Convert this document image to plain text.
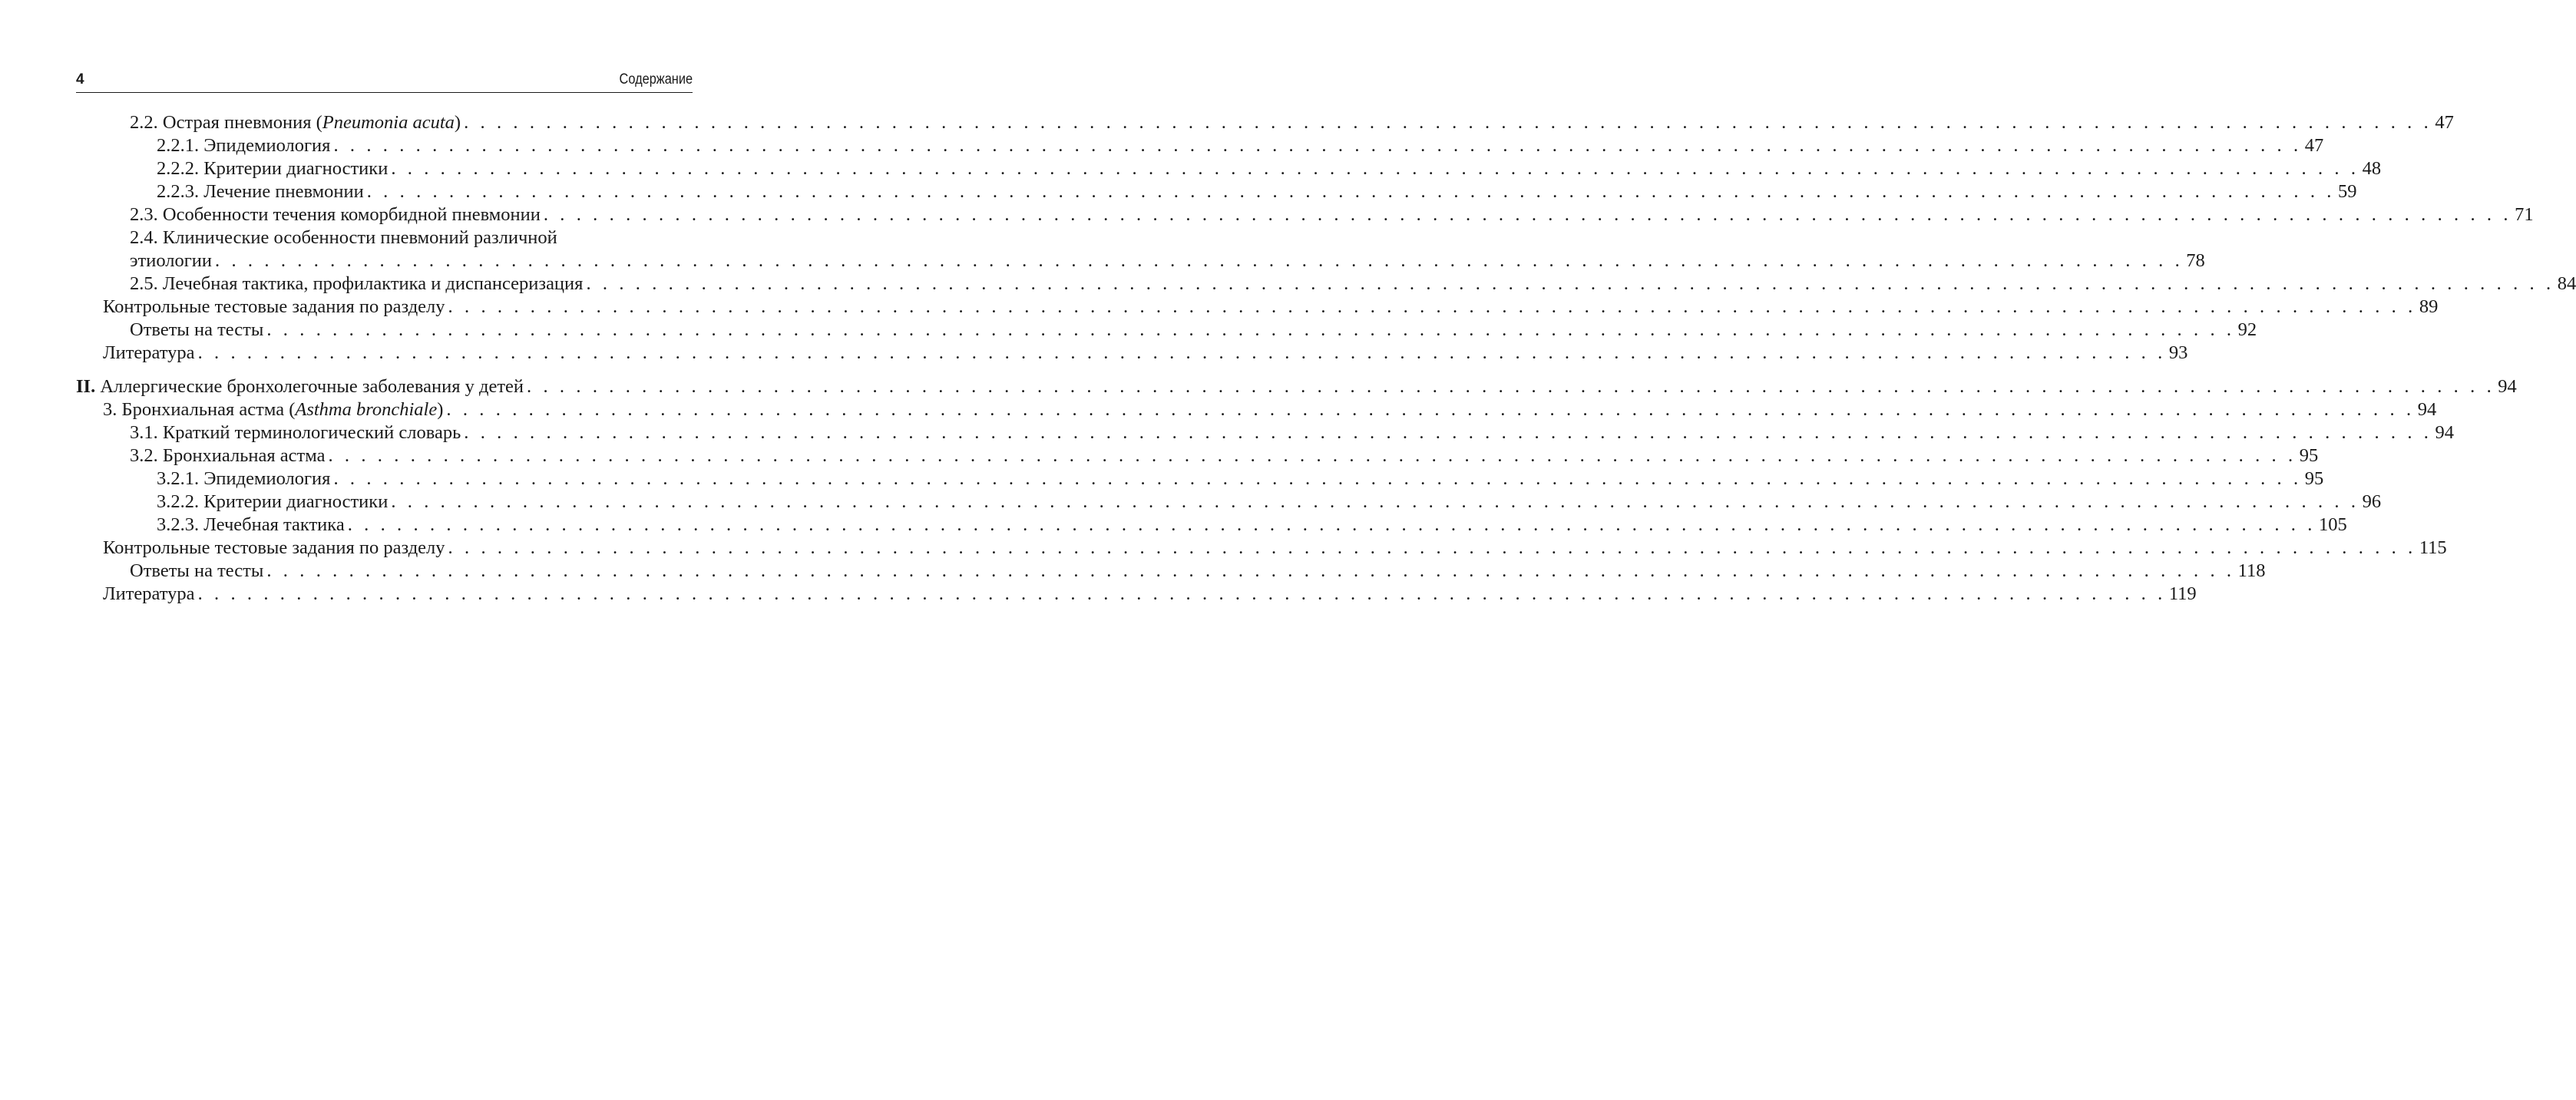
4	Содержание
2.2. Острая пневмония (Pneumonia acuta) . . . . . . . . . . . . . . . . . . . . . . . . . . . . . . . . . . . . . . . . . . . . . . . . . . . . . . . . . . . . . . . . . . . . . . . . . . . . . . . . . . . . . . . . . . . . . . . . . . . . . . . . . . . . . . . . . . . . . . . . 47
2.2.1. Эпидемиология . . . . . . . . . . . . . . . . . . . . . . . . . . . . . . . . . . . . . . . . . . . . . . . . . . . . . . . . . . . . . . . . . . . . . . . . . . . . . . . . . . . . . . . . . . . . . . . . . . . . . . . . . . . . . . . . . . . . . . . . 47
2.2.2. Критерии диагностики . . . . . . . . . . . . . . . . . . . . . . . . . . . . . . . . . . . . . . . . . . . . . . . . . . . . . . . . . . . . . . . . . . . . . . . . . . . . . . . . . . . . . . . . . . . . . . . . . . . . . . . . . . . . . . . . . . . . . . . . 48
2.2.3. Лечение пневмонии . . . . . . . . . . . . . . . . . . . . . . . . . . . . . . . . . . . . . . . . . . . . . . . . . . . . . . . . . . . . . . . . . . . . . . . . . . . . . . . . . . . . . . . . . . . . . . . . . . . . . . . . . . . . . . . . . . . . . . . . 59
2.3. Особенности течения коморбидной пневмонии . . . . . . . . . . . . . . . . . . . . . . . . . . . . . . . . . . . . . . . . . . . . . . . . . . . . . . . . . . . . . . . . . . . . . . . . . . . . . . . . . . . . . . . . . . . . . . . . . . . . . . . . . . . . . . . . . . . . . . . . 71
2.4. Клинические особенности пневмоний различной
этиологии . . . . . . . . . . . . . . . . . . . . . . . . . . . . . . . . . . . . . . . . . . . . . . . . . . . . . . . . . . . . . . . . . . . . . . . . . . . . . . . . . . . . . . . . . . . . . . . . . . . . . . . . . . . . . . . . . . . . . . . . 78
2.5. Лечебная тактика, профилактика и диспансеризация . . . . . . . . . . . . . . . . . . . . . . . . . . . . . . . . . . . . . . . . . . . . . . . . . . . . . . . . . . . . . . . . . . . . . . . . . . . . . . . . . . . . . . . . . . . . . . . . . . . . . . . . . . . . . . . . . . . . . . . . 84
Контрольные тестовые задания по разделу . . . . . . . . . . . . . . . . . . . . . . . . . . . . . . . . . . . . . . . . . . . . . . . . . . . . . . . . . . . . . . . . . . . . . . . . . . . . . . . . . . . . . . . . . . . . . . . . . . . . . . . . . . . . . . . . . . . . . . . . 89
Ответы на тесты . . . . . . . . . . . . . . . . . . . . . . . . . . . . . . . . . . . . . . . . . . . . . . . . . . . . . . . . . . . . . . . . . . . . . . . . . . . . . . . . . . . . . . . . . . . . . . . . . . . . . . . . . . . . . . . . . . . . . . . . 92
Литература . . . . . . . . . . . . . . . . . . . . . . . . . . . . . . . . . . . . . . . . . . . . . . . . . . . . . . . . . . . . . . . . . . . . . . . . . . . . . . . . . . . . . . . . . . . . . . . . . . . . . . . . . . . . . . . . . . . . . . . . 93
II. Аллергические бронхолегочные заболевания у детей . . . . . . . . . . . . . . . . . . . . . . . . . . . . . . . . . . . . . . . . . . . . . . . . . . . . . . . . . . . . . . . . . . . . . . . . . . . . . . . . . . . . . . . . . . . . . . . . . . . . . . . . . . . . . . . . . . . . . . . . 94
3. Бронхиальная астма (Asthma bronchiale) . . . . . . . . . . . . . . . . . . . . . . . . . . . . . . . . . . . . . . . . . . . . . . . . . . . . . . . . . . . . . . . . . . . . . . . . . . . . . . . . . . . . . . . . . . . . . . . . . . . . . . . . . . . . . . . . . . . . . . . . 94
3.1. Краткий терминологический словарь . . . . . . . . . . . . . . . . . . . . . . . . . . . . . . . . . . . . . . . . . . . . . . . . . . . . . . . . . . . . . . . . . . . . . . . . . . . . . . . . . . . . . . . . . . . . . . . . . . . . . . . . . . . . . . . . . . . . . . . . 94
3.2. Бронхиальная астма . . . . . . . . . . . . . . . . . . . . . . . . . . . . . . . . . . . . . . . . . . . . . . . . . . . . . . . . . . . . . . . . . . . . . . . . . . . . . . . . . . . . . . . . . . . . . . . . . . . . . . . . . . . . . . . . . . . . . . . . 95
3.2.1. Эпидемиология . . . . . . . . . . . . . . . . . . . . . . . . . . . . . . . . . . . . . . . . . . . . . . . . . . . . . . . . . . . . . . . . . . . . . . . . . . . . . . . . . . . . . . . . . . . . . . . . . . . . . . . . . . . . . . . . . . . . . . . . 95
3.2.2. Критерии диагностики . . . . . . . . . . . . . . . . . . . . . . . . . . . . . . . . . . . . . . . . . . . . . . . . . . . . . . . . . . . . . . . . . . . . . . . . . . . . . . . . . . . . . . . . . . . . . . . . . . . . . . . . . . . . . . . . . . . . . . . . 96
3.2.3. Лечебная тактика . . . . . . . . . . . . . . . . . . . . . . . . . . . . . . . . . . . . . . . . . . . . . . . . . . . . . . . . . . . . . . . . . . . . . . . . . . . . . . . . . . . . . . . . . . . . . . . . . . . . . . . . . . . . . . . . . . . . . . . . 105
Контрольные тестовые задания по разделу . . . . . . . . . . . . . . . . . . . . . . . . . . . . . . . . . . . . . . . . . . . . . . . . . . . . . . . . . . . . . . . . . . . . . . . . . . . . . . . . . . . . . . . . . . . . . . . . . . . . . . . . . . . . . . . . . . . . . . . . 115
Ответы на тесты . . . . . . . . . . . . . . . . . . . . . . . . . . . . . . . . . . . . . . . . . . . . . . . . . . . . . . . . . . . . . . . . . . . . . . . . . . . . . . . . . . . . . . . . . . . . . . . . . . . . . . . . . . . . . . . . . . . . . . . . 118
Литература . . . . . . . . . . . . . . . . . . . . . . . . . . . . . . . . . . . . . . . . . . . . . . . . . . . . . . . . . . . . . . . . . . . . . . . . . . . . . . . . . . . . . . . . . . . . . . . . . . . . . . . . . . . . . . . . . . . . . . . . 119
